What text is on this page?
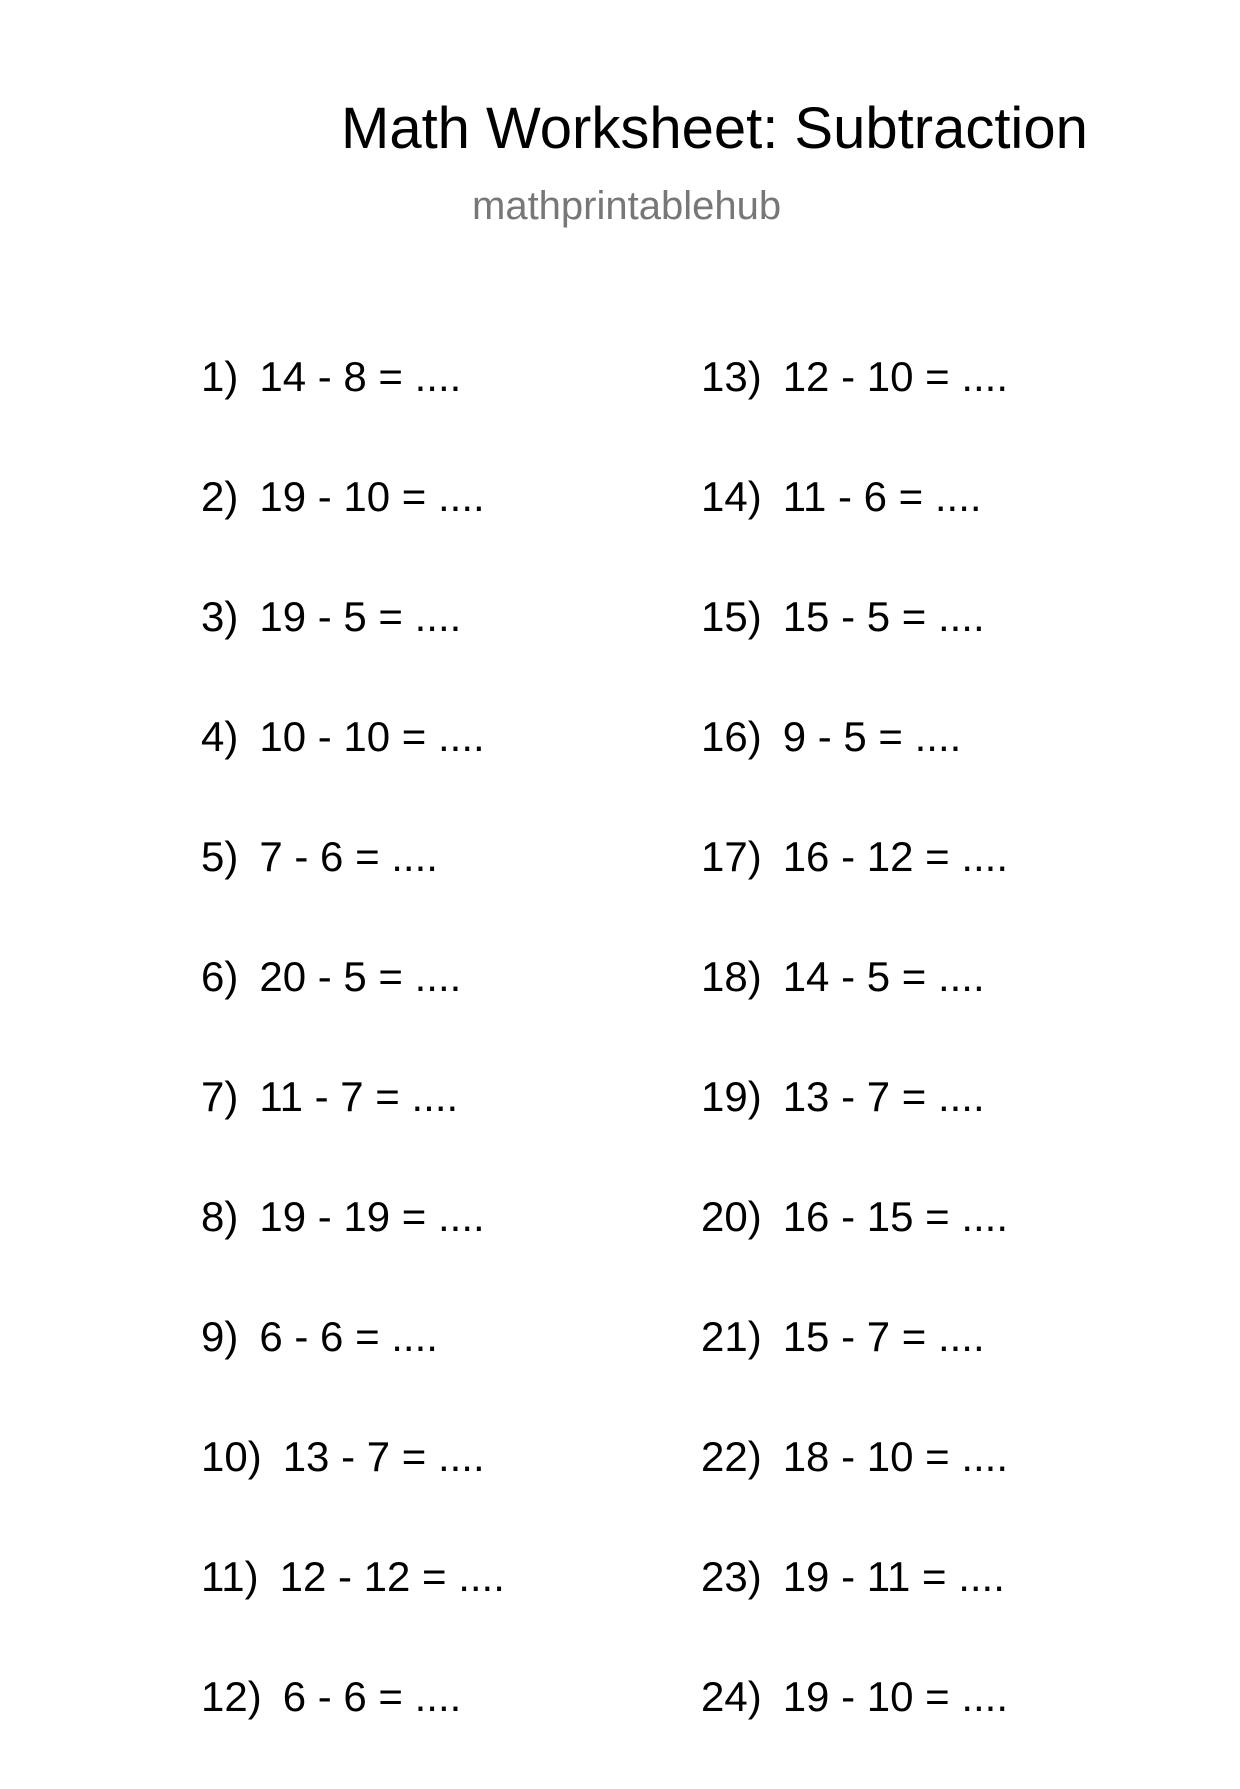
Math Worksheet: Subtraction
mathprintablehub
1) 14 - 8 = ....
2) 19 - 10 = ....
3) 19 - 5 = ....
4) 10 - 10 = ....
5) 7 - 6 = ....
6) 20 - 5 = ....
7) 11 - 7 = ....
8) 19 - 19 = ....
9) 6 - 6 = ....
10) 13 - 7 = ....
11) 12 - 12 = ....
12) 6 - 6 = ....
13) 12 - 10 = ....
14) 11 - 6 = ....
15) 15 - 5 = ....
16) 9 - 5 = ....
17) 16 - 12 = ....
18) 14 - 5 = ....
19) 13 - 7 = ....
20) 16 - 15 = ....
21) 15 - 7 = ....
22) 18 - 10 = ....
23) 19 - 11 = ....
24) 19 - 10 = ....
